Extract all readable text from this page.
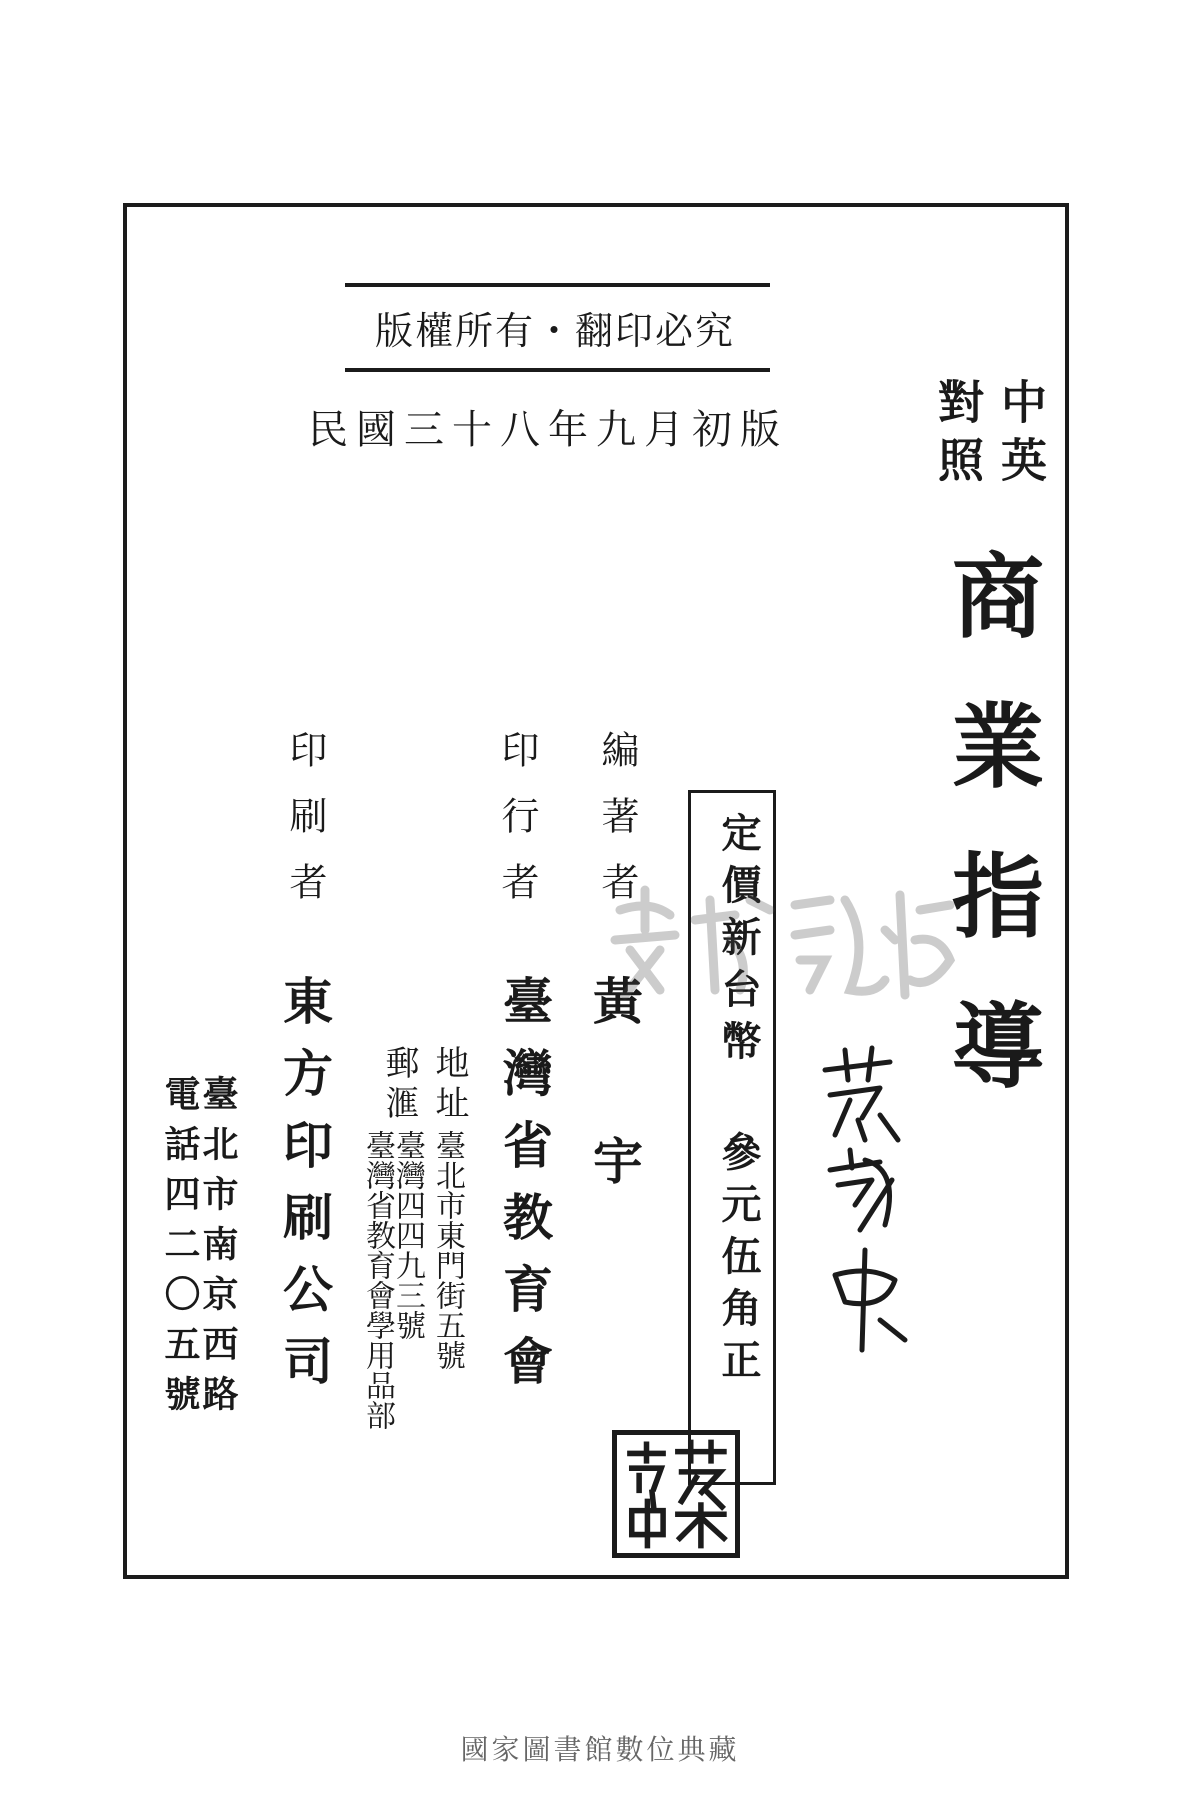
版權所有・翻印必究
民國三十八年九月初版	中英
對照
商業指導
定價新台幣 參元伍角正
編著者
印行者
印刷者
黃宇
臺灣省教育會
東方印刷公司	地址
郵滙
臺北市東門街五號
臺灣四四九三號
臺灣省教育會學用品部
臺北市南京西路
電話四二〇五號
國家圖書館數位典藏
